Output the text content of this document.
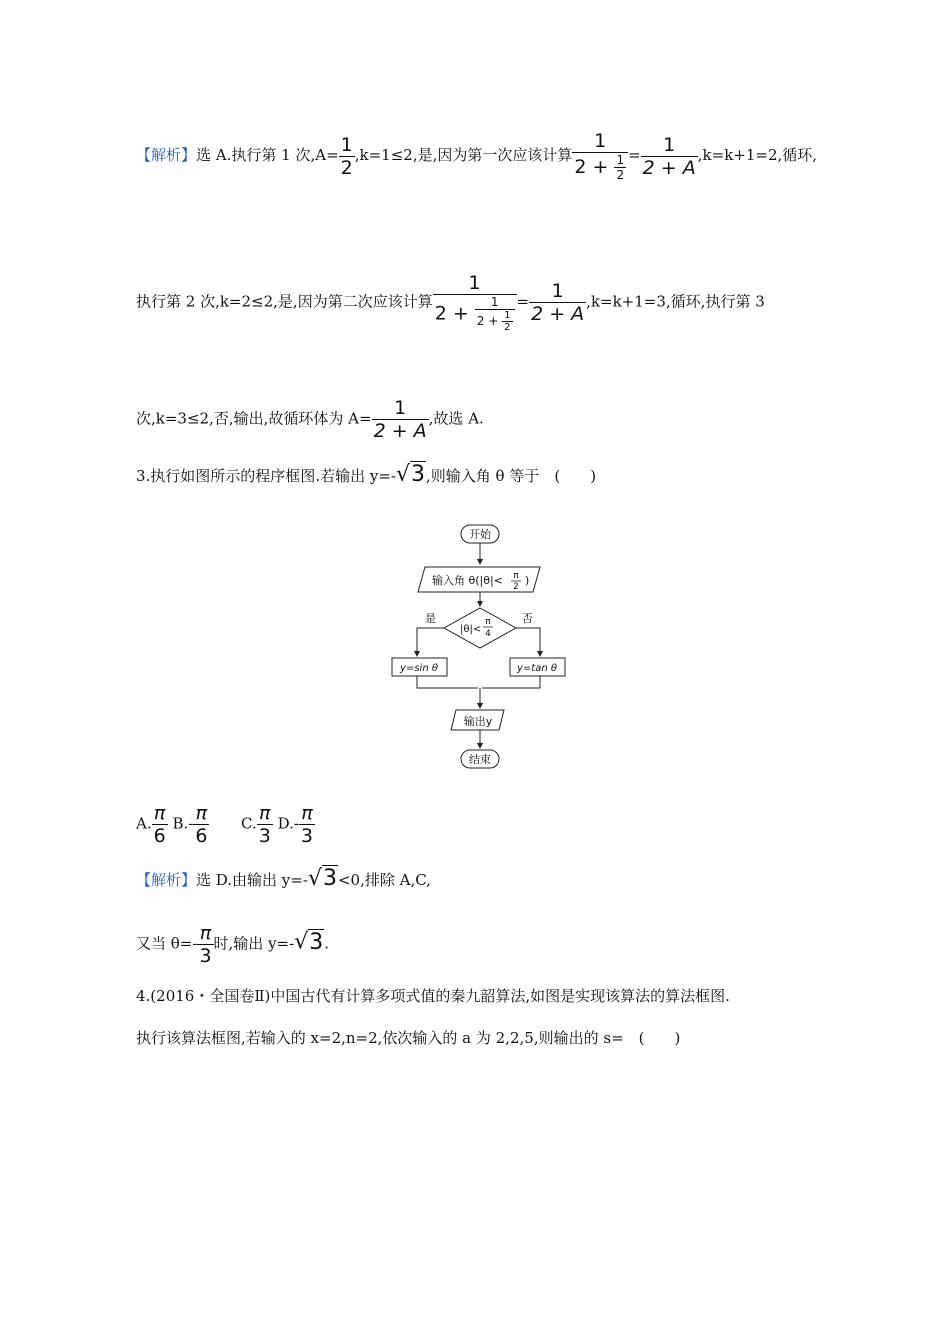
【解析】选 A.执行第 1 次$,A= \frac{1}{2} ,k=1\le 2$,是,因为第一次应该计算 $\frac{1}{2 + \frac{1}{2}} = \frac{1}{2 + A} ,k=k+1=2$,循环,
执行第 2 次,k=2≤2,是,因为第二次应该计算 $\frac{1}{2 + \frac{1}{2 + \frac{1}{2}}} = \frac{1}{2 + A} ,k=k+1=3$,循环,执行第 3
次,k=3≤2,否,输出,故循环体为 $A= \frac{1}{2 + A}$ ,故选 A.
3.执行如图所示的程序框图.若输出 y=-√3,则输入角 θ 等于　(　　)
开始
输入角 θ(|θ|< π
2 )
|θ|<
π
4
是	否
y=sin θ	y=tan θ
输出y
结束
A. $\frac{\pi}{6} B.- \frac{\pi}{6} C$. $\frac{\pi}{3} D.- \frac{\pi}{3}$
【解析】选 D.由输出 y=-√3<0,排除 A,C,
又当 $\theta=- \frac{\pi}{3}$ 时,输出 y=-√3.
4.(2016・全国卷Ⅱ)中国古代有计算多项式值的秦九韶算法,如图是实现该算法的算法框图.
执行该算法框图,若输入的 x=2,n=2,依次输入的 a 为 2,2,5,则输出的 s=　(　　)
